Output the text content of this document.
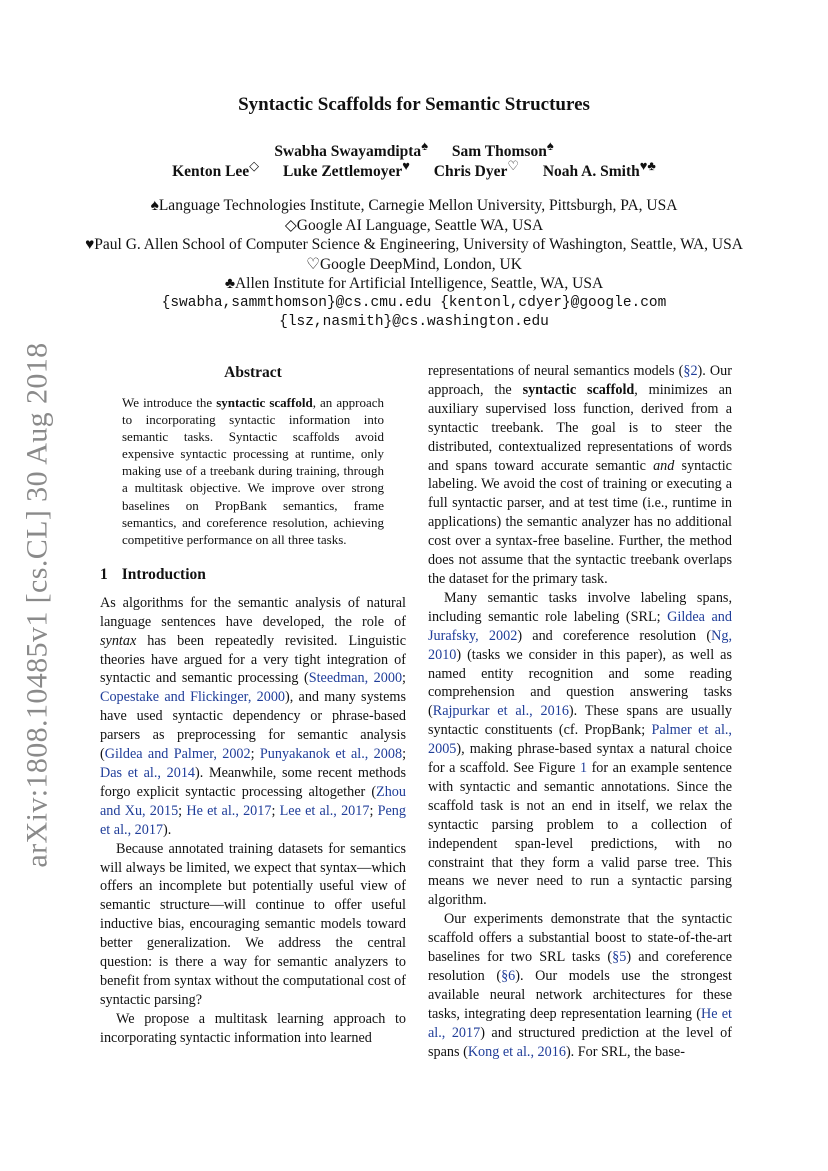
arXiv:1808.10485v1 [cs.CL] 30 Aug 2018
Syntactic Scaffolds for Semantic Structures
Swabha Swayamdipta♠ Sam Thomson♠
Kenton Lee◇ Luke Zettlemoyer♥ Chris Dyer♡ Noah A. Smith♥♣
♠Language Technologies Institute, Carnegie Mellon University, Pittsburgh, PA, USA
◇Google AI Language, Seattle WA, USA
♥Paul G. Allen School of Computer Science & Engineering, University of Washington, Seattle, WA, USA
♡Google DeepMind, London, UK
♣Allen Institute for Artificial Intelligence, Seattle, WA, USA
{swabha,sammthomson}@cs.cmu.edu {kentonl,cdyer}@google.com
{lsz,nasmith}@cs.washington.edu
Abstract

We introduce the syntactic scaffold, an approach to incorporating syntactic information into semantic tasks. Syntactic scaffolds avoid expensive syntactic processing at runtime, only making use of a treebank during training, through a multitask objective. We improve over strong baselines on PropBank semantics, frame semantics, and coreference resolution, achieving competitive performance on all three tasks.

1 Introduction

As algorithms for the semantic analysis of natural language sentences have developed, the role of syntax has been repeatedly revisited. Linguistic theories have argued for a very tight integration of syntactic and semantic processing (Steedman, 2000; Copestake and Flickinger, 2000), and many systems have used syntactic dependency or phrase-based parsers as preprocessing for semantic analysis (Gildea and Palmer, 2002; Punyakanok et al., 2008; Das et al., 2014). Meanwhile, some recent methods forgo explicit syntactic processing altogether (Zhou and Xu, 2015; He et al., 2017; Lee et al., 2017; Peng et al., 2017).

Because annotated training datasets for semantics will always be limited, we expect that syntax—which offers an incomplete but potentially useful view of semantic structure—will continue to offer useful inductive bias, encouraging semantic models toward better generalization. We address the central question: is there a way for semantic analyzers to benefit from syntax without the computational cost of syntactic parsing?

We propose a multitask learning approach to incorporating syntactic information into learned

representations of neural semantics models (§2). Our approach, the syntactic scaffold, minimizes an auxiliary supervised loss function, derived from a syntactic treebank. The goal is to steer the distributed, contextualized representations of words and spans toward accurate semantic and syntactic labeling. We avoid the cost of training or executing a full syntactic parser, and at test time (i.e., runtime in applications) the semantic analyzer has no additional cost over a syntax-free baseline. Further, the method does not assume that the syntactic treebank overlaps the dataset for the primary task.

Many semantic tasks involve labeling spans, including semantic role labeling (SRL; Gildea and Jurafsky, 2002) and coreference resolution (Ng, 2010) (tasks we consider in this paper), as well as named entity recognition and some reading comprehension and question answering tasks (Rajpurkar et al., 2016). These spans are usually syntactic constituents (cf. PropBank; Palmer et al., 2005), making phrase-based syntax a natural choice for a scaffold. See Figure 1 for an example sentence with syntactic and semantic annotations. Since the scaffold task is not an end in itself, we relax the syntactic parsing problem to a collection of independent span-level predictions, with no constraint that they form a valid parse tree. This means we never need to run a syntactic parsing algorithm.

Our experiments demonstrate that the syntactic scaffold offers a substantial boost to state-of-the-art baselines for two SRL tasks (§5) and coreference resolution (§6). Our models use the strongest available neural network architectures for these tasks, integrating deep representation learning (He et al., 2017) and structured prediction at the level of spans (Kong et al., 2016). For SRL, the base-
